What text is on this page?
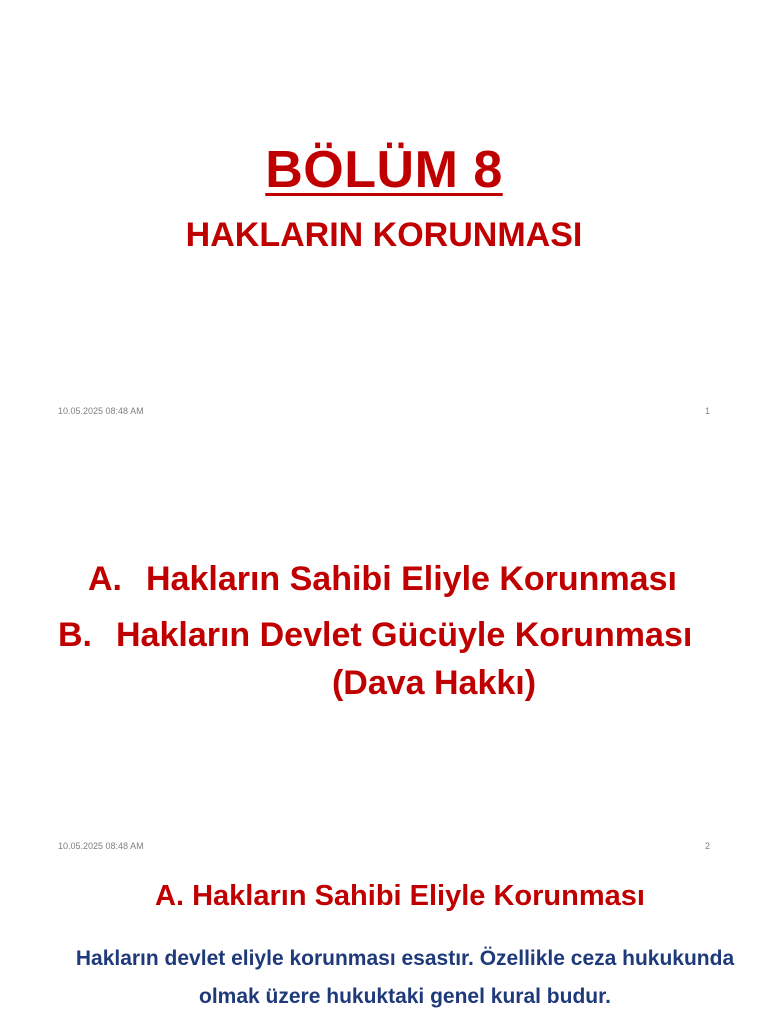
BÖLÜM 8
HAKLARIN KORUNMASI
10.05.2025 08:48 AM	1
A. Hakların Sahibi Eliyle Korunması
B. Hakların Devlet Gücüyle Korunması
(Dava Hakkı)
10.05.2025 08:48 AM	2
A. Hakların Sahibi Eliyle Korunması
Hakların devlet eliyle korunması esastır. Özellikle ceza hukukunda
olmak üzere hukuktaki genel kural budur.
